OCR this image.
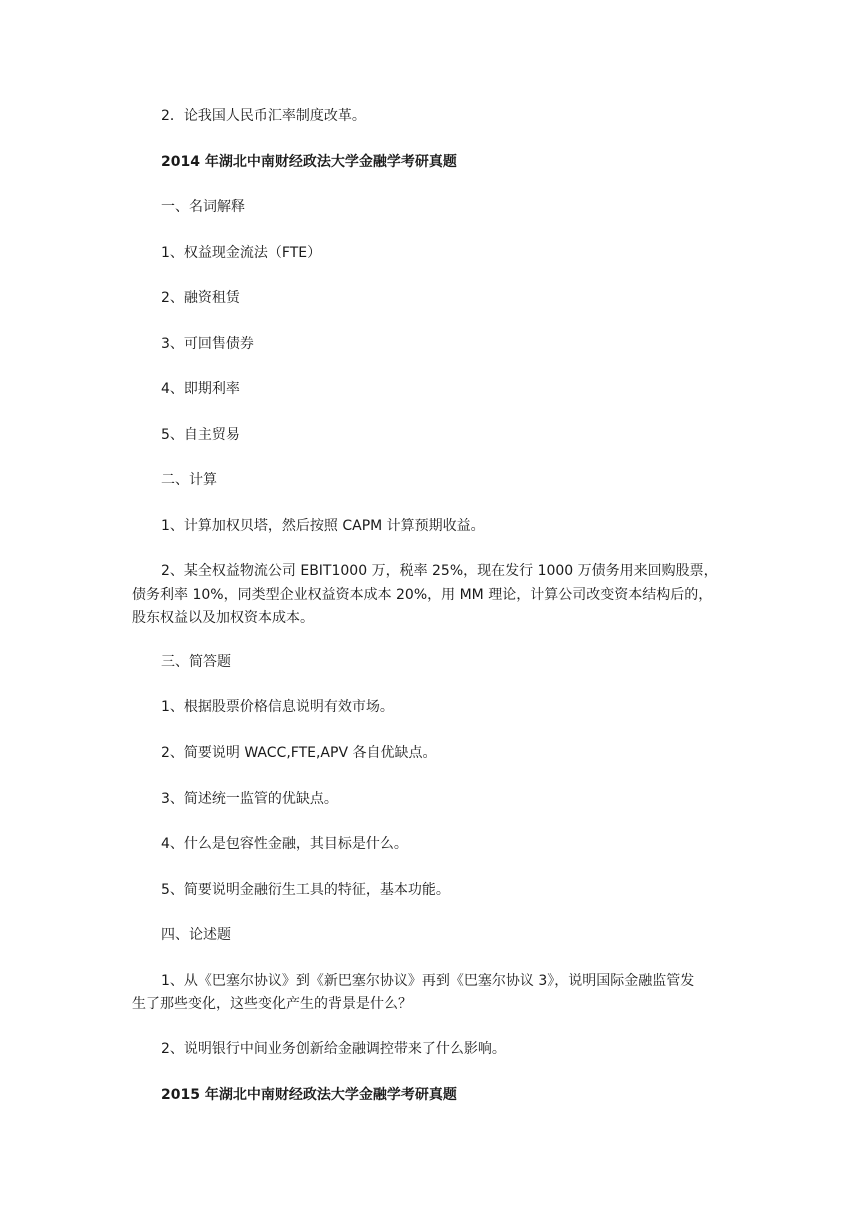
2．论我国人民币汇率制度改革。
2014 年湖北中南财经政法大学金融学考研真题
一、名词解释
1、权益现金流法（FTE）
2、融资租赁
3、可回售债券
4、即期利率
5、自主贸易
二、计算
1、计算加权贝塔，然后按照 CAPM 计算预期收益。
2、某全权益物流公司 EBIT1000 万，税率 25%，现在发行 1000 万债务用来回购股票，
债务利率 10%，同类型企业权益资本成本 20%，用 MM 理论，计算公司改变资本结构后的，
股东权益以及加权资本成本。
三、简答题
1、根据股票价格信息说明有效市场。
2、简要说明 WACC,FTE,APV 各自优缺点。
3、简述统一监管的优缺点。
4、什么是包容性金融，其目标是什么。
5、简要说明金融衍生工具的特征，基本功能。
四、论述题
1、从《巴塞尔协议》到《新巴塞尔协议》再到《巴塞尔协议 3》，说明国际金融监管发
生了那些变化，这些变化产生的背景是什么？
2、说明银行中间业务创新给金融调控带来了什么影响。
2015 年湖北中南财经政法大学金融学考研真题
